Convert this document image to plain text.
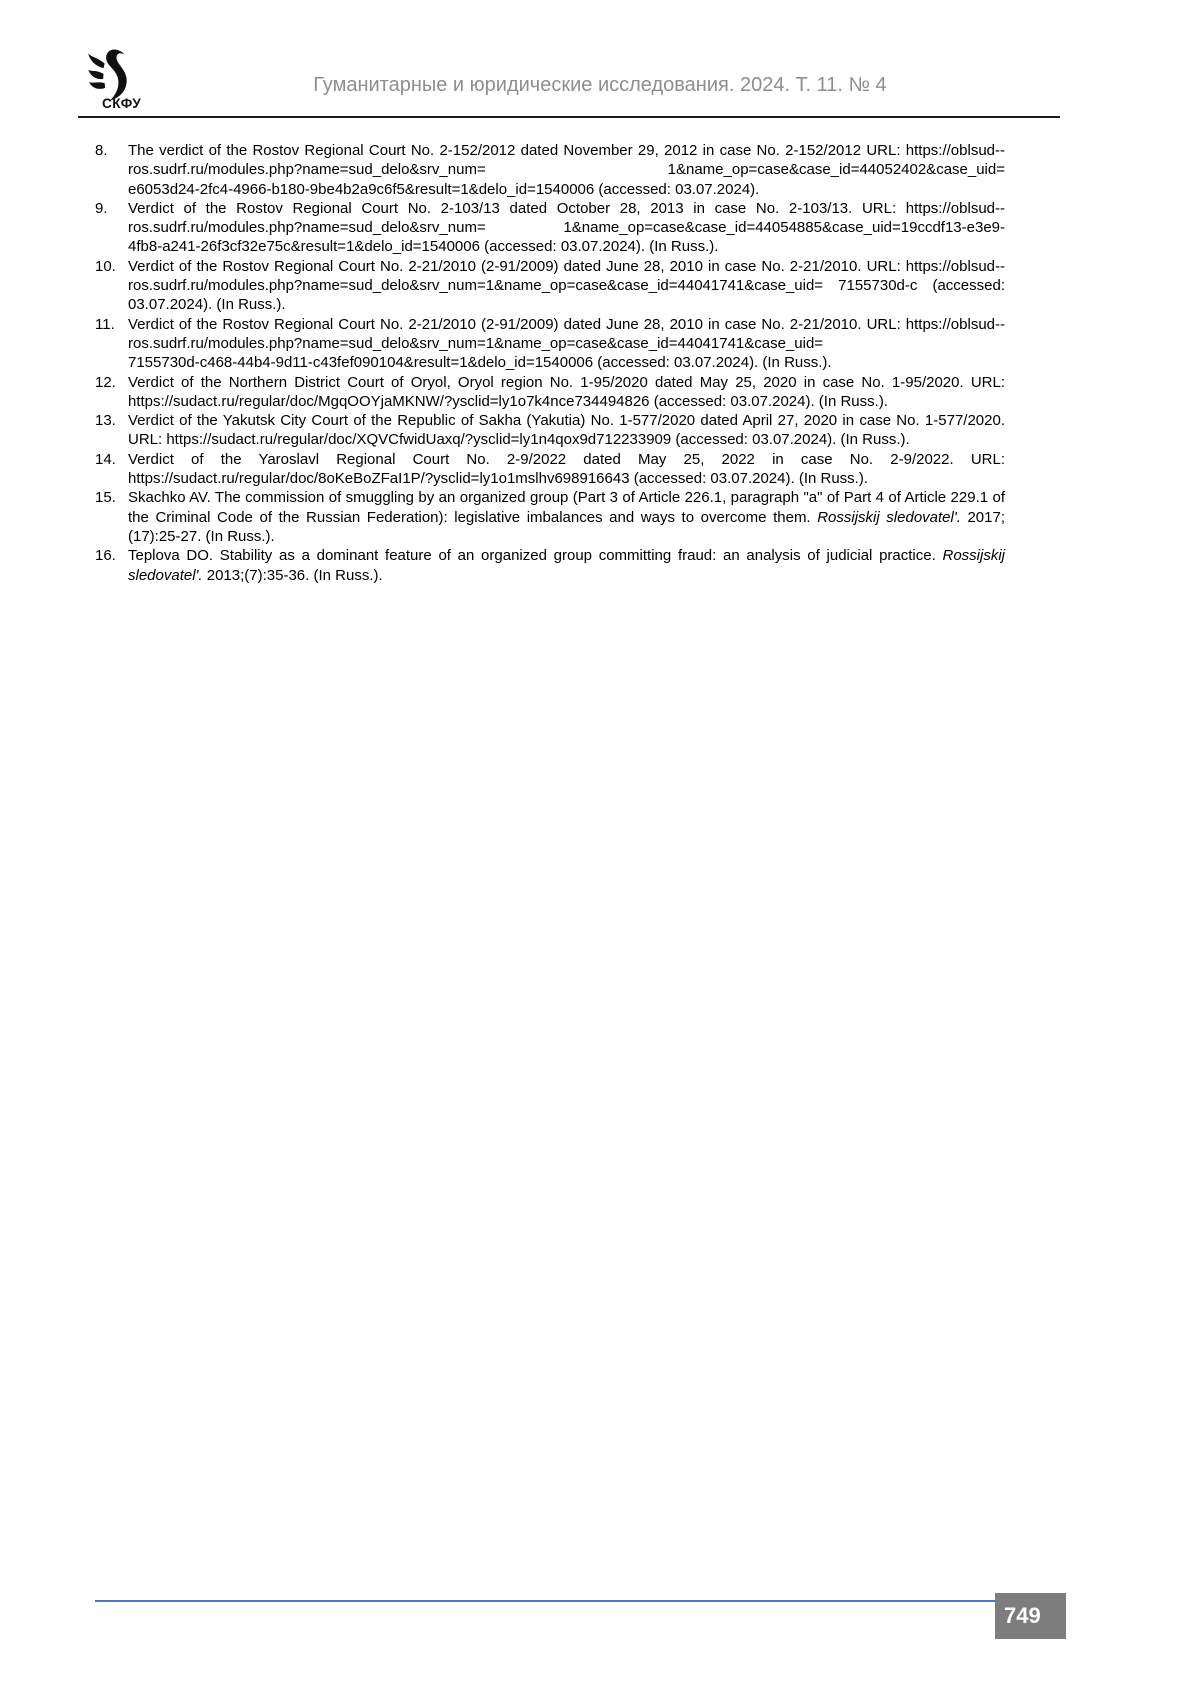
СКФУ
Гуманитарные и юридические исследования. 2024. Т. 11. № 4
8.	The verdict of the Rostov Regional Court No. 2-152/2012 dated November 29, 2012 in case No. 2-152/2012 URL: https://oblsud--ros.sudrf.ru/modules.php?name=sud_delo&srv_num= 1&name_op=case&case_id=44052402&case_uid= e6053d24-2fc4-4966-b180-9be4b2a9c6f5&result=1&delo_id=1540006 (accessed: 03.07.2024).
9.	Verdict of the Rostov Regional Court No. 2-103/13 dated October 28, 2013 in case No. 2-103/13. URL: https://oblsud--ros.sudrf.ru/modules.php?name=sud_delo&srv_num= 1&name_op=case&case_id=44054885&case_uid=19ccdf13-e3e9-4fb8-a241-26f3cf32e75c&result=1&delo_id=1540006 (accessed: 03.07.2024). (In Russ.).
10. Verdict of the Rostov Regional Court No. 2-21/2010 (2-91/2009) dated June 28, 2010 in case No. 2-21/2010. URL: https://oblsud--ros.sudrf.ru/modules.php?name=sud_delo&srv_num=1&name_op=case&case_id=44041741&case_uid= 7155730d-c (accessed: 03.07.2024). (In Russ.).
11. Verdict of the Rostov Regional Court No. 2-21/2010 (2-91/2009) dated June 28, 2010 in case No. 2-21/2010. URL: https://oblsud--ros.sudrf.ru/modules.php?name=sud_delo&srv_num=1&name_op=case&case_id=44041741&case_uid= 7155730d-c468-44b4-9d11-c43fef090104&result=1&delo_id=1540006 (accessed: 03.07.2024). (In Russ.).
12. Verdict of the Northern District Court of Oryol, Oryol region No. 1-95/2020 dated May 25, 2020 in case No. 1-95/2020. URL: https://sudact.ru/regular/doc/MgqOOYjaMKNW/?ysclid=ly1o7k4nce734494826 (accessed: 03.07.2024). (In Russ.).
13. Verdict of the Yakutsk City Court of the Republic of Sakha (Yakutia) No. 1-577/2020 dated April 27, 2020 in case No. 1-577/2020. URL: https://sudact.ru/regular/doc/XQVCfwidUaxq/?ysclid=ly1n4qox9d712233909 (accessed: 03.07.2024). (In Russ.).
14. Verdict of the Yaroslavl Regional Court No. 2-9/2022 dated May 25, 2022 in case No. 2-9/2022. URL: https://sudact.ru/regular/doc/8oKeBoZFaI1P/?ysclid=ly1o1mslhv698916643 (accessed: 03.07.2024). (In Russ.).
15. Skachko AV. The commission of smuggling by an organized group (Part 3 of Article 226.1, paragraph "a" of Part 4 of Article 229.1 of the Criminal Code of the Russian Federation): legislative imbalances and ways to overcome them. Rossijskij sledovatel'. 2017;(17):25-27. (In Russ.).
16. Teplova DO. Stability as a dominant feature of an organized group committing fraud: an analysis of judicial practice. Rossijskij sledovatel'. 2013;(7):35-36. (In Russ.).
749
